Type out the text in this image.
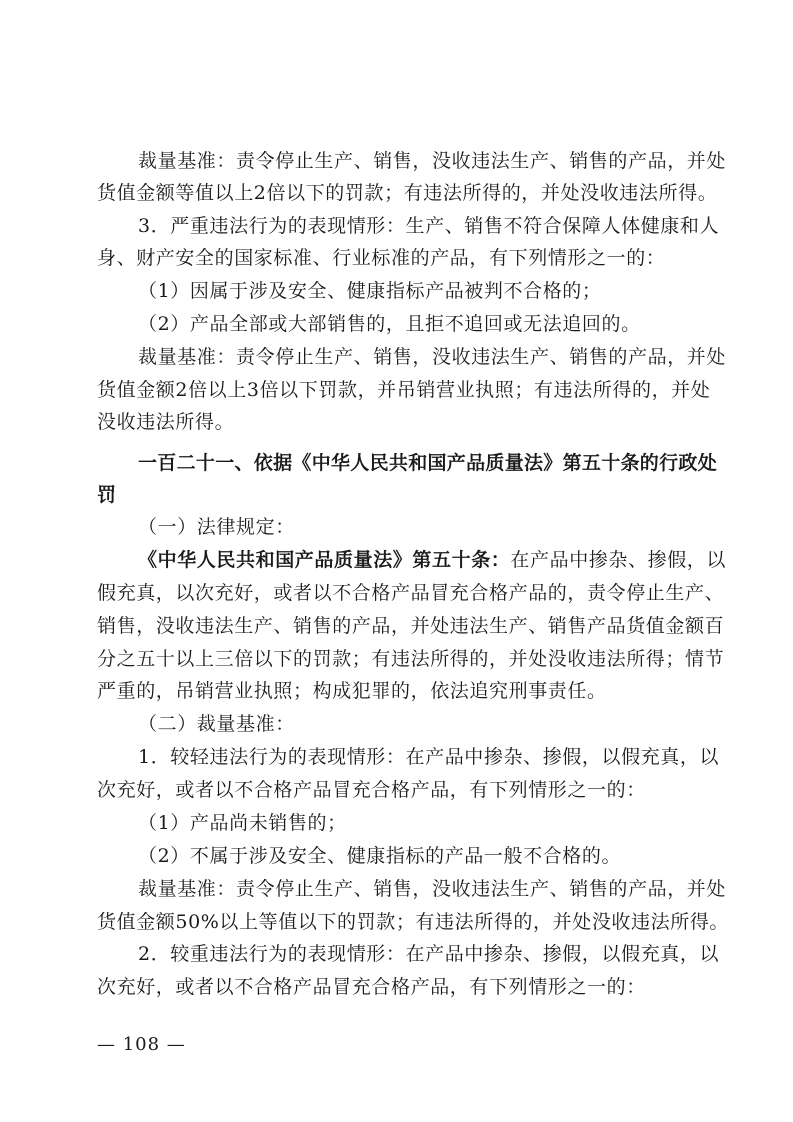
裁量基准：责令停止生产、销售，没收违法生产、销售的产品，并处
货值金额等值以上2倍以下的罚款；有违法所得的，并处没收违法所得。
3．严重违法行为的表现情形：生产、销售不符合保障人体健康和人
身、财产安全的国家标准、行业标准的产品，有下列情形之一的：
（1）因属于涉及安全、健康指标产品被判不合格的；
（2）产品全部或大部销售的，且拒不追回或无法追回的。
裁量基准：责令停止生产、销售，没收违法生产、销售的产品，并处
货值金额2倍以上3倍以下罚款，并吊销营业执照；有违法所得的，并处
没收违法所得。
一百二十一、依据《中华人民共和国产品质量法》第五十条的行政处
罚
（一）法律规定：
《中华人民共和国产品质量法》第五十条：在产品中掺杂、掺假，以
假充真，以次充好，或者以不合格产品冒充合格产品的，责令停止生产、
销售，没收违法生产、销售的产品，并处违法生产、销售产品货值金额百
分之五十以上三倍以下的罚款；有违法所得的，并处没收违法所得；情节
严重的，吊销营业执照；构成犯罪的，依法追究刑事责任。
（二）裁量基准：
1．较轻违法行为的表现情形：在产品中掺杂、掺假，以假充真，以
次充好，或者以不合格产品冒充合格产品，有下列情形之一的：
（1）产品尚未销售的；
（2）不属于涉及安全、健康指标的产品一般不合格的。
裁量基准：责令停止生产、销售，没收违法生产、销售的产品，并处
货值金额50%以上等值以下的罚款；有违法所得的，并处没收违法所得。
2．较重违法行为的表现情形：在产品中掺杂、掺假，以假充真，以
次充好，或者以不合格产品冒充合格产品，有下列情形之一的：
— 108 —
